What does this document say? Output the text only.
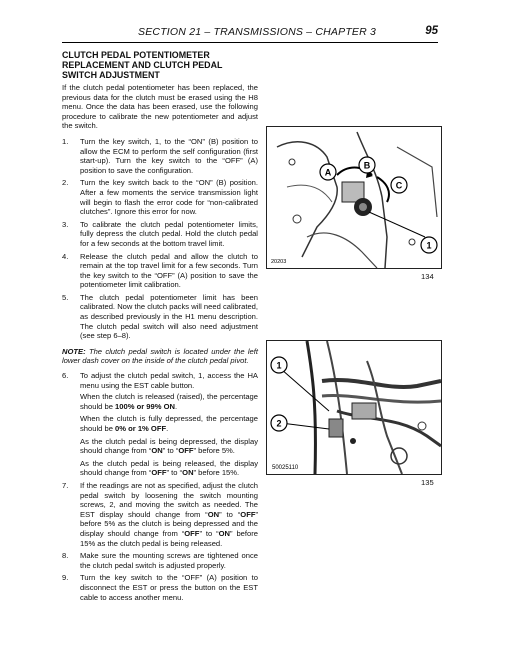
SECTION 21 – TRANSMISSIONS – CHAPTER 3	95
CLUTCH PEDAL POTENTIOMETER
REPLACEMENT AND CLUTCH PEDAL
SWITCH ADJUSTMENT

If the clutch pedal potentiometer has been replaced, the previous data for the clutch must be erased using the H8 menu. Once the data has been erased, use the following procedure to calibrate the new potentiometer and adjust the switch.

1. Turn the key switch, 1, to the “ON” (B) position to allow the ECM to perform the self configuration (first start-up). Turn the key switch to the “OFF” (A) position to save the configuration.
2. Turn the key switch back to the “ON” (B) position. After a few moments the service transmission light will begin to flash the error code for “non-calibrated clutches”. Ignore this error for now.
3. To calibrate the clutch pedal potentiometer limits, fully depress the clutch pedal. Hold the clutch pedal for a few seconds at the bottom travel limit.
4. Release the clutch pedal and allow the clutch to remain at the top travel limit for a few seconds. Turn the key switch to the “OFF” (A) position to save the potentiometer limit calibration.
5. The clutch pedal potentiometer limit has been calibrated. Now the clutch packs will need calibrated, as described previously in the H1 menu description. The clutch pedal switch will also need adjustment (see step 6–8).

NOTE: The clutch pedal switch is located under the left lower dash cover on the inside of the clutch pedal pivot.

6. To adjust the clutch pedal switch, 1, access the HA menu using the EST cable button.
When the clutch is released (raised), the percentage should be 100% or 99% ON.
When the clutch is fully depressed, the percentage should be 0% or 1% OFF.
As the clutch pedal is being depressed, the display should change from “ON” to “OFF” before 5%.
As the clutch pedal is being released, the display should change from “OFF” to “ON” before 15%.
7. If the readings are not as specified, adjust the clutch pedal switch by loosening the switch mounting screws, 2, and moving the switch as needed. The EST display should change from “ON” to “OFF” before 5% as the clutch is being depressed and the display should change from “OFF” to “ON” before 15% as the clutch pedal is being released.
8. Make sure the mounting screws are tightened once the clutch pedal switch is adjusted properly.
9. Turn the key switch to the “OFF” (A) position to disconnect the EST or press the button on the EST cable to access another menu.
A
B
C
1
20203
134
1
2
50025110
135
